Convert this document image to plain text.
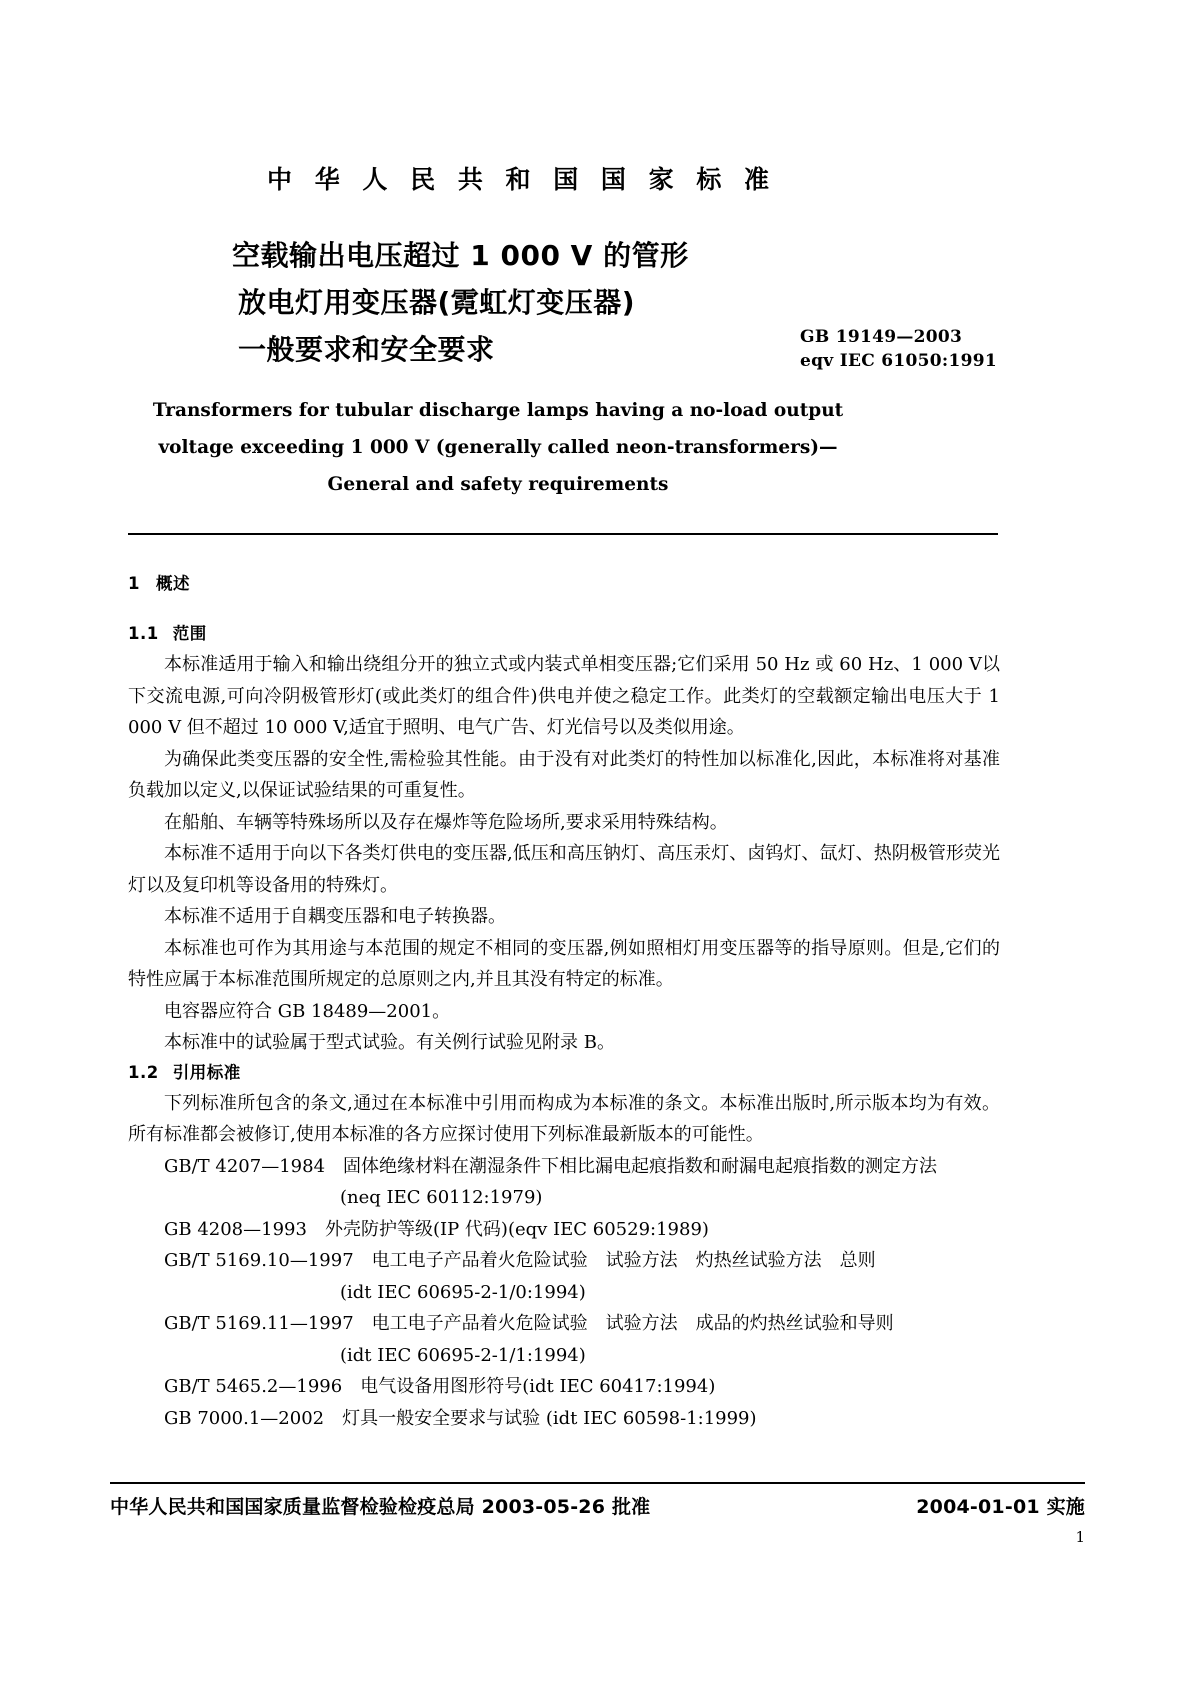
中 华 人 民 共 和 国 国 家 标 准
空载输出电压超过 1 000 V 的管形
放电灯用变压器(霓虹灯变压器)
一般要求和安全要求	GB 19149—2003
eqv IEC 61050:1991
Transformers for tubular discharge lamps having a no-load output
voltage exceeding 1 000 V (generally called neon-transformers)—
General and safety requirements
1 概述
1.1 范围

本标准适用于输入和输出绕组分开的独立式或内装式单相变压器;它们采用 50 Hz 或 60 Hz、1 000 V以下交流电源,可向冷阴极管形灯(或此类灯的组合件)供电并使之稳定工作。此类灯的空载额定输出电压大于 1 000 V 但不超过 10 000 V,适宜于照明、电气广告、灯光信号以及类似用途。

为确保此类变压器的安全性,需检验其性能。由于没有对此类灯的特性加以标准化,因此，本标准将对基准负载加以定义,以保证试验结果的可重复性。

在船舶、车辆等特殊场所以及存在爆炸等危险场所,要求采用特殊结构。

本标准不适用于向以下各类灯供电的变压器,低压和高压钠灯、高压汞灯、卤钨灯、氙灯、热阴极管形荧光灯以及复印机等设备用的特殊灯。

本标准不适用于自耦变压器和电子转换器。

本标准也可作为其用途与本范围的规定不相同的变压器,例如照相灯用变压器等的指导原则。但是,它们的特性应属于本标准范围所规定的总原则之内,并且其没有特定的标准。

电容器应符合 GB 18489—2001。

本标准中的试验属于型式试验。有关例行试验见附录 B。

1.2 引用标准

下列标准所包含的条文,通过在本标准中引用而构成为本标准的条文。本标准出版时,所示版本均为有效。所有标准都会被修订,使用本标准的各方应探讨使用下列标准最新版本的可能性。

GB/T 4207—1984 固体绝缘材料在潮湿条件下相比漏电起痕指数和耐漏电起痕指数的测定方法
(neq IEC 60112:1979)
GB 4208—1993 外壳防护等级(IP 代码)(eqv IEC 60529:1989)
GB/T 5169.10—1997 电工电子产品着火危险试验　试验方法　灼热丝试验方法　总则
(idt IEC 60695-2-1/0:1994)
GB/T 5169.11—1997 电工电子产品着火危险试验　试验方法　成品的灼热丝试验和导则
(idt IEC 60695-2-1/1:1994)
GB/T 5465.2—1996 电气设备用图形符号(idt IEC 60417:1994)
GB 7000.1—2002 灯具一般安全要求与试验 (idt IEC 60598-1:1999)
中华人民共和国国家质量监督检验检疫总局 2003-05-26 批准	2004-01-01 实施
1
